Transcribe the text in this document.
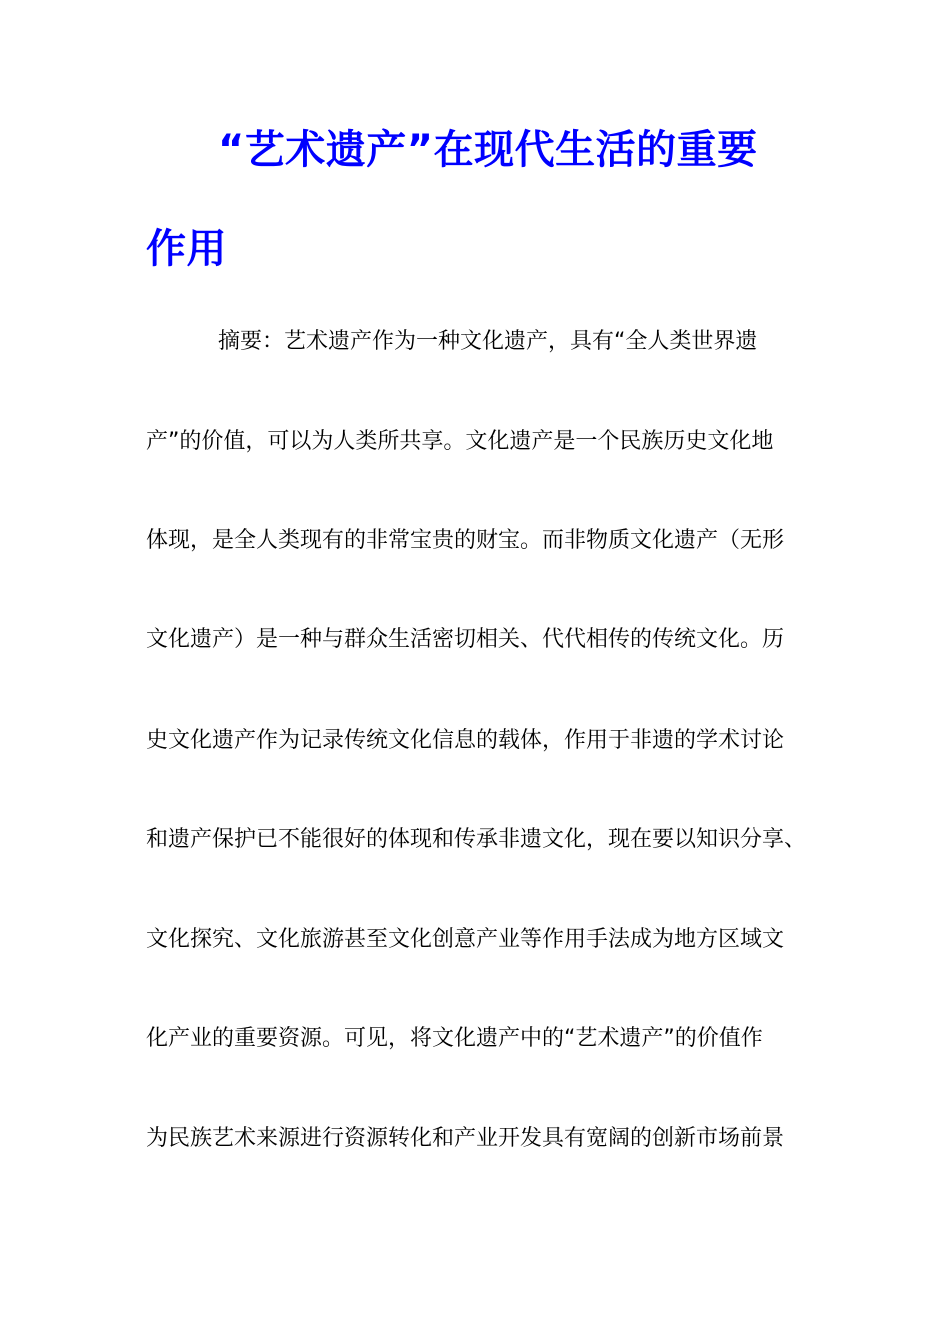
“艺术遗产”在现代生活的重要
作用
摘要：艺术遗产作为一种文化遗产，具有“全人类世界遗
产”的价值，可以为人类所共享。文化遗产是一个民族历史文化地
体现，是全人类现有的非常宝贵的财宝。而非物质文化遗产（无形
文化遗产）是一种与群众生活密切相关、代代相传的传统文化。历
史文化遗产作为记录传统文化信息的载体，作用于非遗的学术讨论
和遗产保护已不能很好的体现和传承非遗文化，现在要以知识分享、
文化探究、文化旅游甚至文化创意产业等作用手法成为地方区域文
化产业的重要资源。可见，将文化遗产中的“艺术遗产”的价值作
为民族艺术来源进行资源转化和产业开发具有宽阔的创新市场前景
